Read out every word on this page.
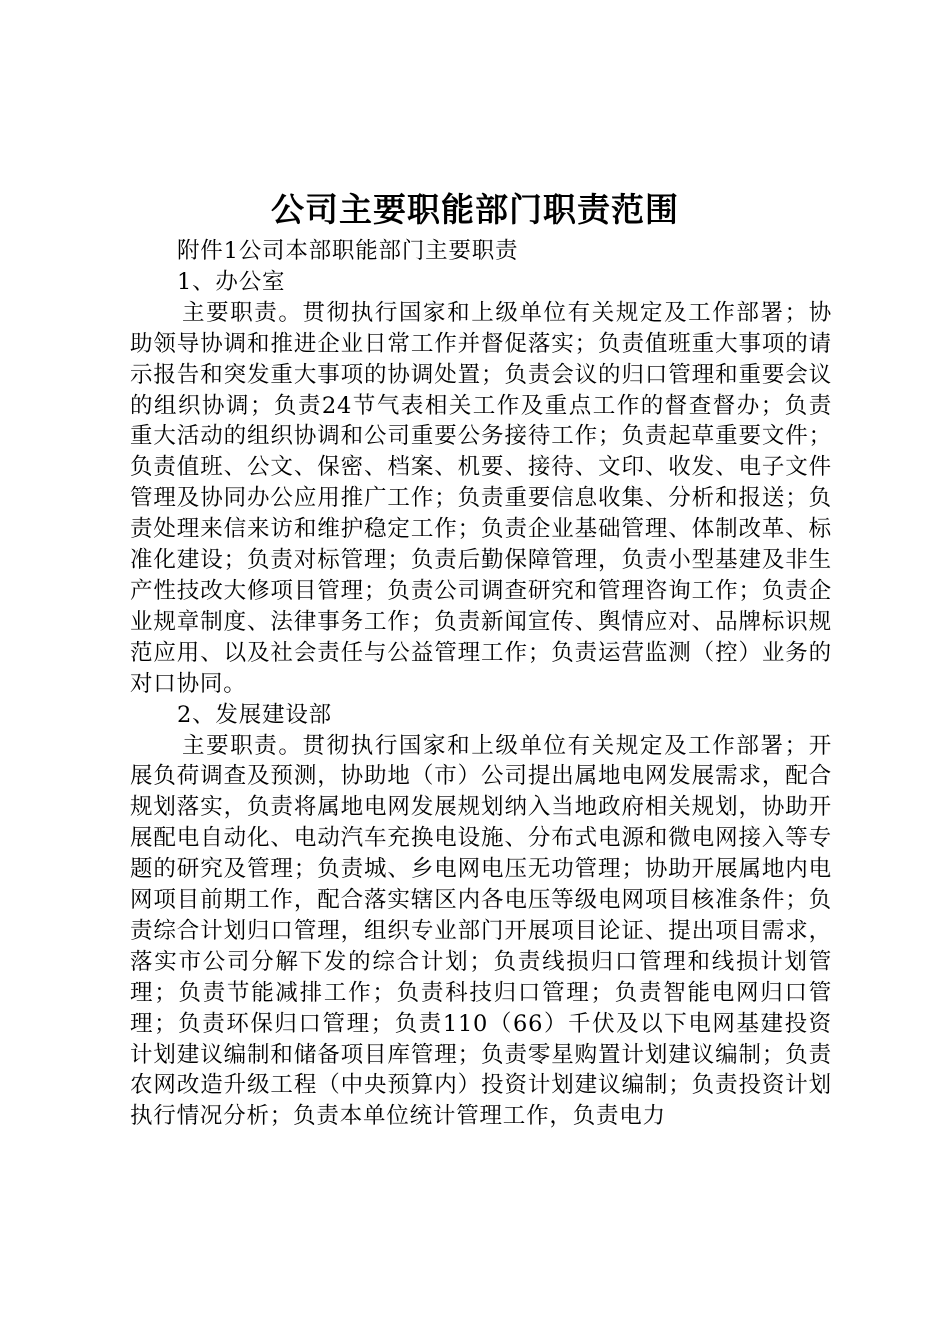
公司主要职能部门职责范围

附件1公司本部职能部门主要职责

1、办公室

主要职责。贯彻执行国家和上级单位有关规定及工作部署；协助领导协调和推进企业日常工作并督促落实；负责值班重大事项的请示报告和突发重大事项的协调处置；负责会议的归口管理和重要会议的组织协调；负责24节气表相关工作及重点工作的督查督办；负责重大活动的组织协调和公司重要公务接待工作；负责起草重要文件；负责值班、公文、保密、档案、机要、接待、文印、收发、电子文件管理及协同办公应用推广工作；负责重要信息收集、分析和报送；负责处理来信来访和维护稳定工作；负责企业基础管理、体制改革、标准化建设；负责对标管理；负责后勤保障管理，负责小型基建及非生产性技改大修项目管理；负责公司调查研究和管理咨询工作；负责企业规章制度、法律事务工作；负责新闻宣传、舆情应对、品牌标识规范应用、以及社会责任与公益管理工作；负责运营监测（控）业务的对口协同。

2、发展建设部

主要职责。贯彻执行国家和上级单位有关规定及工作部署；开展负荷调查及预测，协助地（市）公司提出属地电网发展需求，配合规划落实，负责将属地电网发展规划纳入当地政府相关规划，协助开展配电自动化、电动汽车充换电设施、分布式电源和微电网接入等专题的研究及管理；负责城、乡电网电压无功管理；协助开展属地内电网项目前期工作，配合落实辖区内各电压等级电网项目核准条件；负责综合计划归口管理，组织专业部门开展项目论证、提出项目需求，落实市公司分解下发的综合计划；负责线损归口管理和线损计划管理；负责节能减排工作；负责科技归口管理；负责智能电网归口管理；负责环保归口管理；负责110（66）千伏及以下电网基建投资计划建议编制和储备项目库管理；负责零星购置计划建议编制；负责农网改造升级工程（中央预算内）投资计划建议编制；负责投资计划执行情况分析；负责本单位统计管理工作，负责电力
